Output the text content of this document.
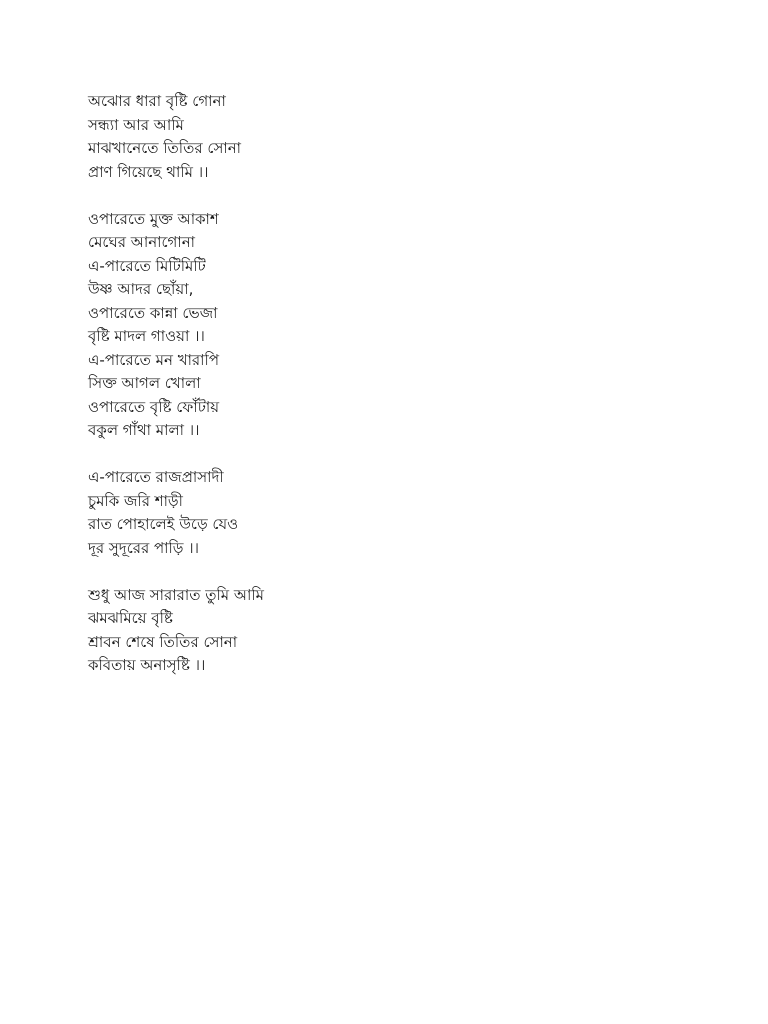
অঝোর ধারা বৃষ্টি গোনা
সন্ধ্যা আর আমি
মাঝখানেতে তিতির সোনা
প্রাণ গিয়েছে থামি ।।
ওপারেতে মুক্ত আকাশ
মেঘের আনাগোনা
এ-পারেতে মিটিমিটি
উষ্ণ আদর ছোঁয়া,
ওপারেতে কান্না ভেজা
বৃষ্টি মাদল গাওয়া ।।
এ-পারেতে মন খারাপি
সিক্ত আগল খোলা
ওপারেতে বৃষ্টি ফোঁটায়
বকুল গাঁথা মালা ।।
এ-পারেতে রাজপ্রাসাদী
চুমকি জরি শাড়ী
রাত পোহালেই উড়ে যেও
দূর সুদূরের পাড়ি ।।
শুধু আজ সারারাত তুমি আমি
ঝমঝমিয়ে বৃষ্টি
শ্রাবন শেষে তিতির সোনা
কবিতায় অনাসৃষ্টি ।।
